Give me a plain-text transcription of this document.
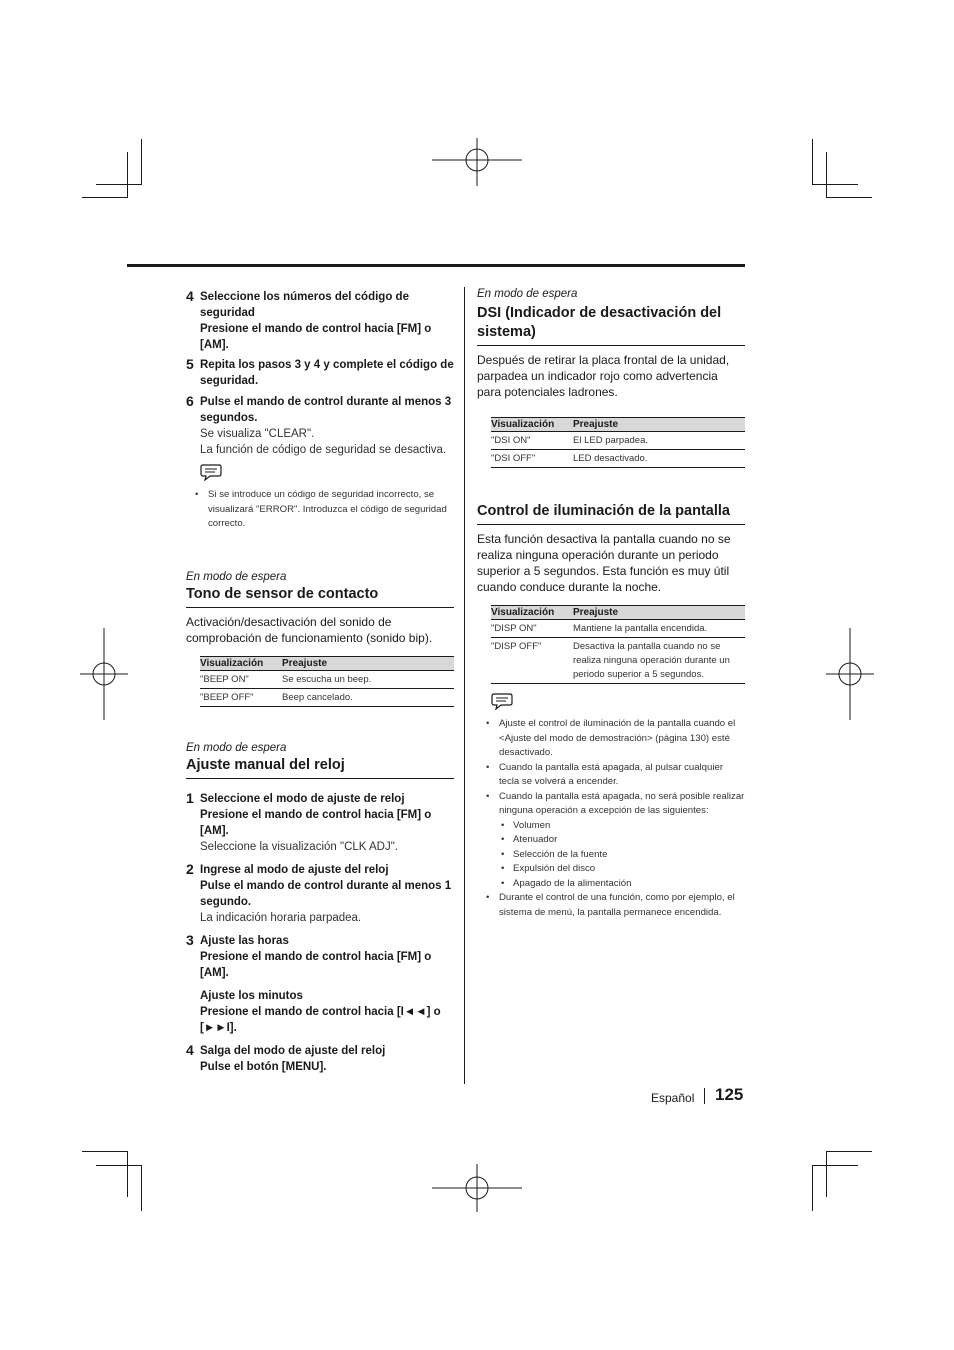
4 Seleccione los números del código de seguridad
Presione el mando de control hacia [FM] o [AM].
5 Repita los pasos 3 y 4 y complete el código de seguridad.
6 Pulse el mando de control durante al menos 3 segundos.
Se visualiza "CLEAR".
La función de código de seguridad se desactiva.
• Si se introduce un código de seguridad incorrecto, se visualizará "ERROR". Introduzca el código de seguridad correcto.
En modo de espera
Tono de sensor de contacto
Activación/desactivación del sonido de comprobación de funcionamiento (sonido bip).
Visualización	Preajuste
"BEEP ON"	Se escucha un beep.
"BEEP OFF"	Beep cancelado.
En modo de espera
Ajuste manual del reloj
1 Seleccione el modo de ajuste de reloj
Presione el mando de control hacia [FM] o [AM].
Seleccione la visualización "CLK ADJ".
2 Ingrese al modo de ajuste del reloj
Pulse el mando de control durante al menos 1 segundo.
La indicación horaria parpadea.
3 Ajuste las horas
Presione el mando de control hacia [FM] o [AM].
Ajuste los minutos
Presione el mando de control hacia [I◄◄] o [►►I].
4 Salga del modo de ajuste del reloj
Pulse el botón [MENU].
En modo de espera
DSI (Indicador de desactivación del sistema)
Después de retirar la placa frontal de la unidad, parpadea un indicador rojo como advertencia para potenciales ladrones.
Visualización	Preajuste
"DSI ON"	El LED parpadea.
"DSI OFF"	LED desactivado.
Control de iluminación de la pantalla
Esta función desactiva la pantalla cuando no se realiza ninguna operación durante un periodo superior a 5 segundos. Esta función es muy útil cuando conduce durante la noche.
Visualización	Preajuste
"DISP ON"	Mantiene la pantalla encendida.
"DISP OFF"	Desactiva la pantalla cuando no se realiza ninguna operación durante un periodo superior a 5 segundos.
• Ajuste el control de iluminación de la pantalla cuando el <Ajuste del modo de demostración> (página 130) esté desactivado.
• Cuando la pantalla está apagada, al pulsar cualquier tecla se volverá a encender.
• Cuando la pantalla está apagada, no será posible realizar ninguna operación a excepción de las siguientes:
• Volumen
• Atenuador
• Selección de la fuente
• Expulsión del disco
• Apagado de la alimentación
• Durante el control de una función, como por ejemplo, el sistema de menú, la pantalla permanece encendida.
Español 125
